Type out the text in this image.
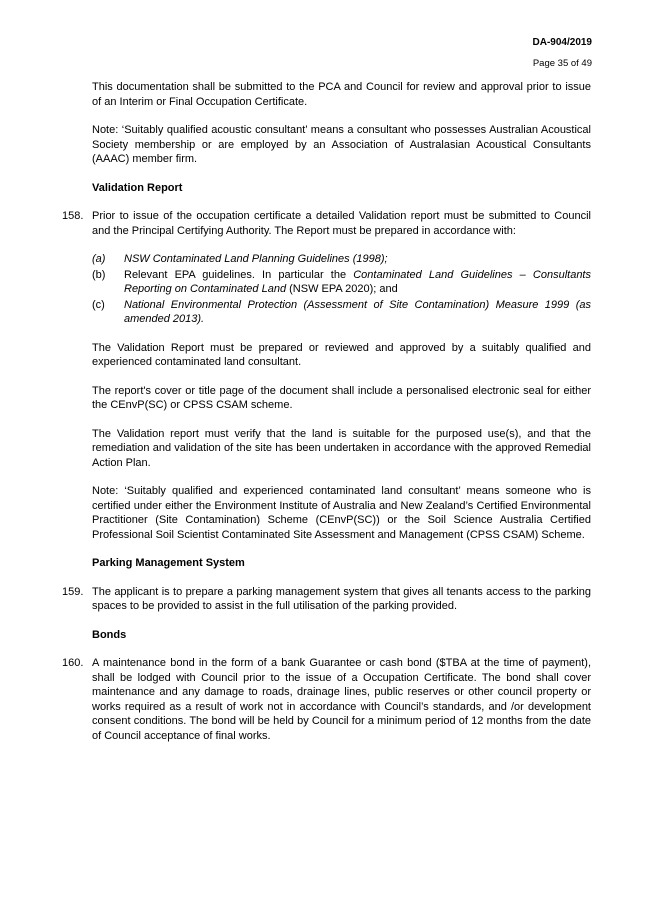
DA-904/2019
Page 35 of 49

This documentation shall be submitted to the PCA and Council for review and approval prior to issue of an Interim or Final Occupation Certificate.

Note: ‘Suitably qualified acoustic consultant’ means a consultant who possesses Australian Acoustical Society membership or are employed by an Association of Australasian Acoustical Consultants (AAAC) member firm.

Validation Report
158. Prior to issue of the occupation certificate a detailed Validation report must be submitted to Council and the Principal Certifying Authority. The Report must be prepared in accordance with:
(a) NSW Contaminated Land Planning Guidelines (1998);
(b) Relevant EPA guidelines. In particular the Contaminated Land Guidelines – Consultants Reporting on Contaminated Land (NSW EPA 2020); and
(c) National Environmental Protection (Assessment of Site Contamination) Measure 1999 (as amended 2013).

The Validation Report must be prepared or reviewed and approved by a suitably qualified and experienced contaminated land consultant.

The report's cover or title page of the document shall include a personalised electronic seal for either the CEnvP(SC) or CPSS CSAM scheme.

The Validation report must verify that the land is suitable for the purposed use(s), and that the remediation and validation of the site has been undertaken in accordance with the approved Remedial Action Plan.

Note: ‘Suitably qualified and experienced contaminated land consultant’ means someone who is certified under either the Environment Institute of Australia and New Zealand’s Certified Environmental Practitioner (Site Contamination) Scheme (CEnvP(SC)) or the Soil Science Australia Certified Professional Soil Scientist Contaminated Site Assessment and Management (CPSS CSAM) Scheme.

Parking Management System
159. The applicant is to prepare a parking management system that gives all tenants access to the parking spaces to be provided to assist in the full utilisation of the parking provided.
Bonds
160. A maintenance bond in the form of a bank Guarantee or cash bond ($TBA at the time of payment), shall be lodged with Council prior to the issue of a Occupation Certificate. The bond shall cover maintenance and any damage to roads, drainage lines, public reserves or other council property or works required as a result of work not in accordance with Council’s standards, and /or development consent conditions. The bond will be held by Council for a minimum period of 12 months from the date of Council acceptance of final works.
